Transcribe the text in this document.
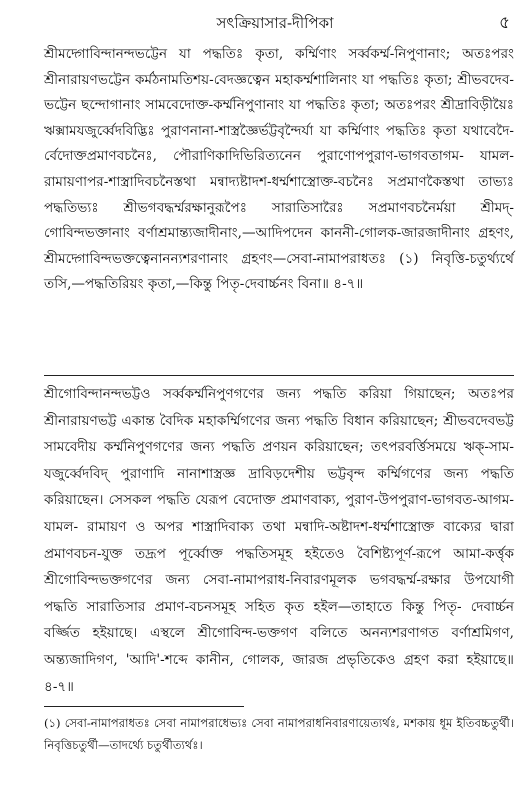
সৎক্রিয়াসার-দীপিকা	৫

শ্রীমদ্গোবিন্দানন্দভট্টেন যা পদ্ধতিঃ কৃতা, কর্ম্মিণাং সর্ব্বকর্ম্ম-নিপুণানাং; অতঃপরং শ্রীনারায়ণভট্টেন কর্মঠনামতিশয়-বেদজ্ঞত্বেন মহাকর্ম্মশালিনাং যা পদ্ধতিঃ কৃতা; শ্রীভবদেব-ভট্টেন ছন্দোগানাং সামবেদোক্ত-কর্ম্মনিপুণানাং যা পদ্ধতিঃ কৃতা; অতঃপরং শ্রীদ্রাবিড়ীয়ৈঃ ঋক্সামযজুর্ব্বেদবিদ্ভিঃ পুরাণনানা-শাস্ত্রজ্ঞৈর্ভট্টবৃন্দৈর্যা যা কর্ম্মিণাং পদ্ধতিঃ কৃতা যথাবেদৈ- র্বেদোক্তপ্রমাণবচনৈঃ, পৌরাণিকাদিভিরিত্যনেন পুরাণোপপুরাণ-ভাগবতাগম- যামল-রামায়ণাপর-শাস্ত্রাদিবচনৈস্তথা মন্বাদ্যষ্টাদশ-ধর্ম্মশাস্ত্রোক্ত-বচনৈঃ সপ্রমাণকৈস্তথা তাভ্যঃ পদ্ধতিভ্যঃ শ্রীভগবদ্ধর্ম্মরক্ষানুরূপৈঃ সারাতিসারৈঃ সপ্রমাণবচনৈর্ময়া শ্রীমদ্-গোবিন্দভক্তানাং বর্ণাশ্রমান্ত্যজাদীনাং,—আদিপদেন কাননী-গোলক-জারজাদীনাং গ্রহণং, শ্রীমদ্গোবিন্দভক্তত্বেনানন্যশরণানাং গ্রহণং—সেবা-নামাপরাধতঃ (১) নিবৃত্তি-চতুর্থ্যর্থে তসি,—পদ্ধতিরিয়ং কৃতা,—কিন্তু পিতৃ-দেবার্চ্চনং বিনা॥ ৪-৭॥

শ্রীগোবিন্দানন্দভট্টও সর্ব্বকর্ম্মনিপুণগণের জন্য পদ্ধতি করিয়া গিয়াছেন; অতঃপর শ্রীনারায়ণভট্ট একান্ত বৈদিক মহাকর্ম্মিগণের জন্য পদ্ধতি বিধান করিয়াছেন; শ্রীভবদেবভট্ট সামবেদীয় কর্ম্মনিপুণগণের জন্য পদ্ধতি প্রণয়ন করিয়াছেন; তৎপরবর্ত্তিসময়ে ঋক্-সাম- যজুর্ব্বেদবিদ্ পুরাণাদি নানাশাস্ত্রজ্ঞ দ্রাবিড়দেশীয় ভট্টবৃন্দ কর্ম্মিগণের জন্য পদ্ধতি করিয়াছেন। সেসকল পদ্ধতি যেরূপ বেদোক্ত প্রমাণবাক্য, পুরাণ-উপপুরাণ-ভাগবত-আগম-যামল- রামায়ণ ও অপর শাস্ত্রাদিবাক্য তথা মন্বাদি-অষ্টাদশ-ধর্ম্মশাস্ত্রোক্ত বাক্যের দ্বারা প্রমাণবচন-যুক্ত তদ্রূপ পূর্ব্বোক্ত পদ্ধতিসমূহ হইতেও বৈশিষ্ট্যপূর্ণ-রূপে আমা-কর্ত্তৃক শ্রীগোবিন্দভক্তগণের জন্য সেবা-নামাপরাধ-নিবারণমূলক ভগবদ্ধর্ম্ম-রক্ষার উপযোগী পদ্ধতি সারাতিসার প্রমাণ-বচনসমূহ সহিত কৃত হইল—তাহাতে কিন্তু পিতৃ- দেবার্চ্চন বর্জ্জিত হইয়াছে। এস্থলে শ্রীগোবিন্দ-ভক্তগণ বলিতে অনন্যশরণাগত বর্ণাশ্রমিগণ, অন্ত্যজাদিগণ, 'আদি'-শব্দে কানীন, গোলক, জারজ প্রভৃতিকেও গ্রহণ করা হইয়াছে॥ ৪-৭॥

(১) সেবা-নামাপরাধতঃ সেবা নামাপরাধেভ্যঃ সেবা নামাপরাধনিবারণায়েত্যর্থঃ, মশকায় ধূম ইতিবচ্চতুর্থী। নিবৃত্তিচতুর্থী—তাদর্থ্যে চতুর্থীত্যর্থঃ।
